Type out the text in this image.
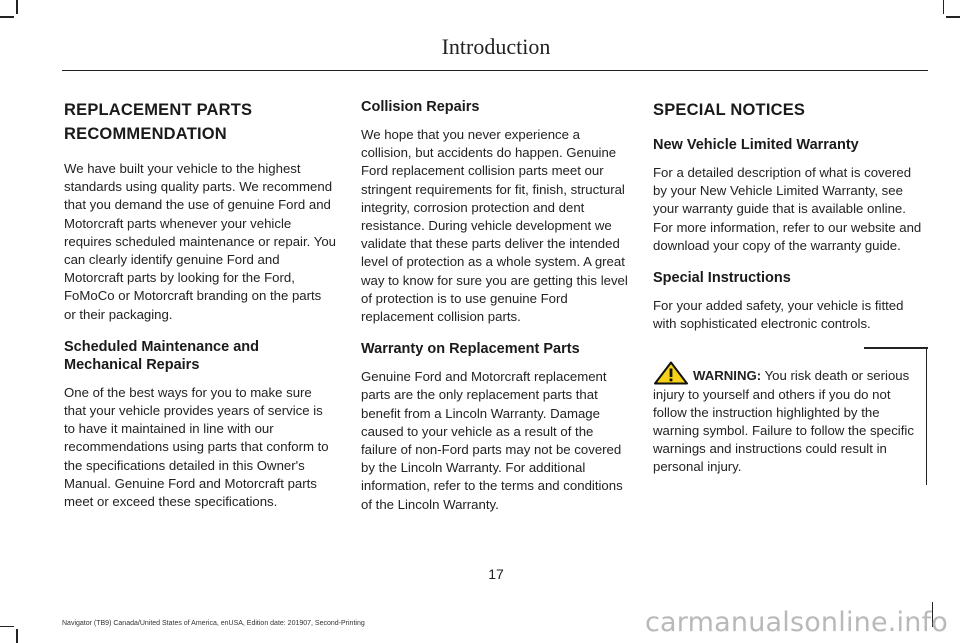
Introduction
REPLACEMENT PARTS
RECOMMENDATION

We have built your vehicle to the highest standards using quality parts. We recommend that you demand the use of genuine Ford and Motorcraft parts whenever your vehicle requires scheduled maintenance or repair. You can clearly identify genuine Ford and Motorcraft parts by looking for the Ford, FoMoCo or Motorcraft branding on the parts or their packaging.

Scheduled Maintenance and Mechanical Repairs

One of the best ways for you to make sure that your vehicle provides years of service is to have it maintained in line with our recommendations using parts that conform to the specifications detailed in this Owner's Manual. Genuine Ford and Motorcraft parts meet or exceed these specifications.

Collision Repairs

We hope that you never experience a collision, but accidents do happen. Genuine Ford replacement collision parts meet our stringent requirements for fit, finish, structural integrity, corrosion protection and dent resistance. During vehicle development we validate that these parts deliver the intended level of protection as a whole system. A great way to know for sure you are getting this level of protection is to use genuine Ford replacement collision parts.

Warranty on Replacement Parts

Genuine Ford and Motorcraft replacement parts are the only replacement parts that benefit from a Lincoln Warranty. Damage caused to your vehicle as a result of the failure of non-Ford parts may not be covered by the Lincoln Warranty. For additional information, refer to the terms and conditions of the Lincoln Warranty.

SPECIAL NOTICES
New Vehicle Limited Warranty

For a detailed description of what is covered by your New Vehicle Limited Warranty, see your warranty guide that is available online. For more information, refer to our website and download your copy of the warranty guide.

Special Instructions

For your added safety, your vehicle is fitted with sophisticated electronic controls.

WARNING: You risk death or serious injury to yourself and others if you do not follow the instruction highlighted by the warning symbol. Failure to follow the specific warnings and instructions could result in personal injury.

17
Navigator (TB9) Canada/United States of America, enUSA, Edition date: 201907, Second-Printing	carmanualsonline.info
